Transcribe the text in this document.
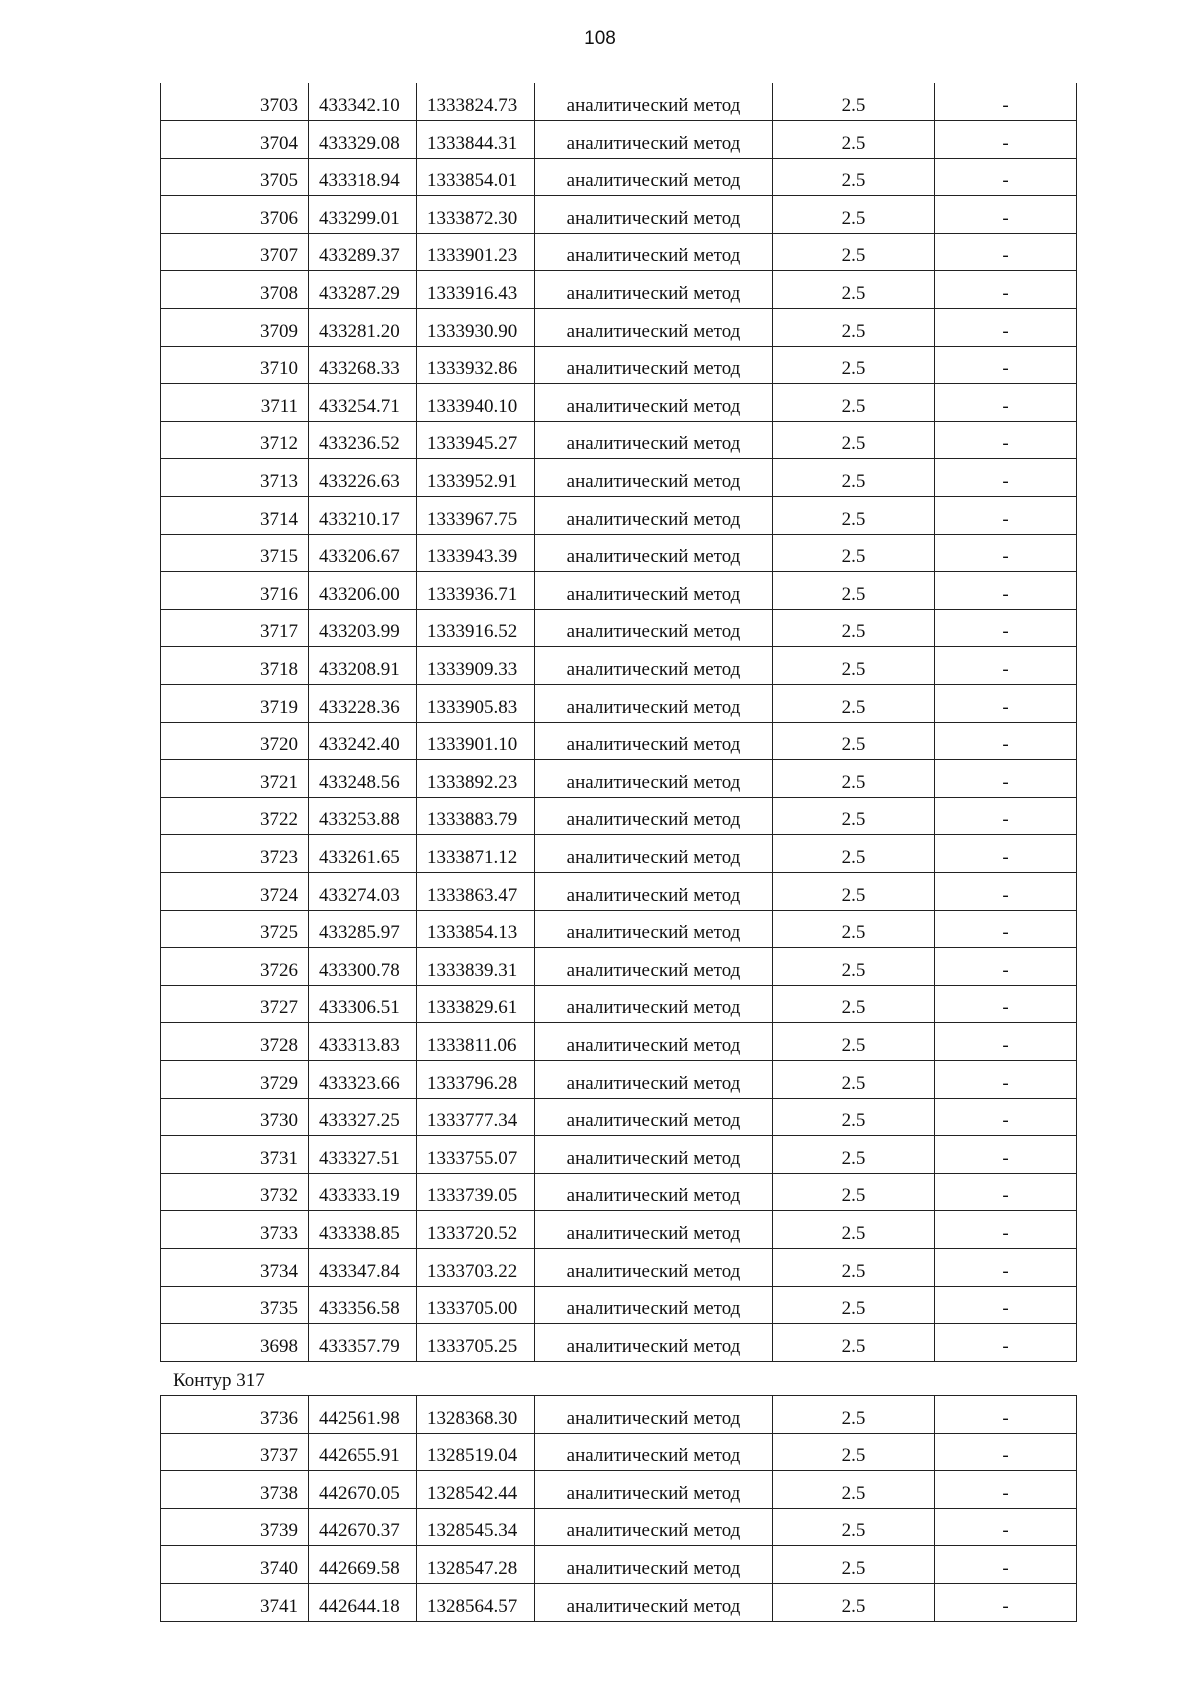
108
3703	433342.10	1333824.73	аналитический метод	2.5	-
3704	433329.08	1333844.31	аналитический метод	2.5	-
3705	433318.94	1333854.01	аналитический метод	2.5	-
3706	433299.01	1333872.30	аналитический метод	2.5	-
3707	433289.37	1333901.23	аналитический метод	2.5	-
3708	433287.29	1333916.43	аналитический метод	2.5	-
3709	433281.20	1333930.90	аналитический метод	2.5	-
3710	433268.33	1333932.86	аналитический метод	2.5	-
3711	433254.71	1333940.10	аналитический метод	2.5	-
3712	433236.52	1333945.27	аналитический метод	2.5	-
3713	433226.63	1333952.91	аналитический метод	2.5	-
3714	433210.17	1333967.75	аналитический метод	2.5	-
3715	433206.67	1333943.39	аналитический метод	2.5	-
3716	433206.00	1333936.71	аналитический метод	2.5	-
3717	433203.99	1333916.52	аналитический метод	2.5	-
3718	433208.91	1333909.33	аналитический метод	2.5	-
3719	433228.36	1333905.83	аналитический метод	2.5	-
3720	433242.40	1333901.10	аналитический метод	2.5	-
3721	433248.56	1333892.23	аналитический метод	2.5	-
3722	433253.88	1333883.79	аналитический метод	2.5	-
3723	433261.65	1333871.12	аналитический метод	2.5	-
3724	433274.03	1333863.47	аналитический метод	2.5	-
3725	433285.97	1333854.13	аналитический метод	2.5	-
3726	433300.78	1333839.31	аналитический метод	2.5	-
3727	433306.51	1333829.61	аналитический метод	2.5	-
3728	433313.83	1333811.06	аналитический метод	2.5	-
3729	433323.66	1333796.28	аналитический метод	2.5	-
3730	433327.25	1333777.34	аналитический метод	2.5	-
3731	433327.51	1333755.07	аналитический метод	2.5	-
3732	433333.19	1333739.05	аналитический метод	2.5	-
3733	433338.85	1333720.52	аналитический метод	2.5	-
3734	433347.84	1333703.22	аналитический метод	2.5	-
3735	433356.58	1333705.00	аналитический метод	2.5	-
3698	433357.79	1333705.25	аналитический метод	2.5	-
Контур 317
3736	442561.98	1328368.30	аналитический метод	2.5	-
3737	442655.91	1328519.04	аналитический метод	2.5	-
3738	442670.05	1328542.44	аналитический метод	2.5	-
3739	442670.37	1328545.34	аналитический метод	2.5	-
3740	442669.58	1328547.28	аналитический метод	2.5	-
3741	442644.18	1328564.57	аналитический метод	2.5	-
